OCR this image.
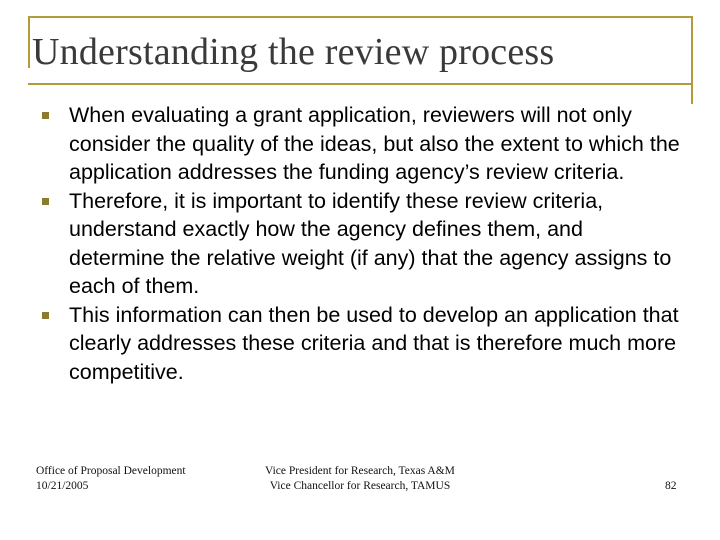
Understanding the review process
When evaluating a grant application, reviewers will not only consider the quality of the ideas, but also the extent to which the application addresses the funding agency’s review criteria.
Therefore, it is important to identify these review criteria, understand exactly how the agency defines them, and determine the relative weight (if any) that the agency assigns to each of them.
This information can then be used to develop an application that clearly addresses these criteria and that is therefore much more competitive.
Office of Proposal Development
10/21/2005
Vice President for Research, Texas A&M
Vice Chancellor for Research, TAMUS	82
